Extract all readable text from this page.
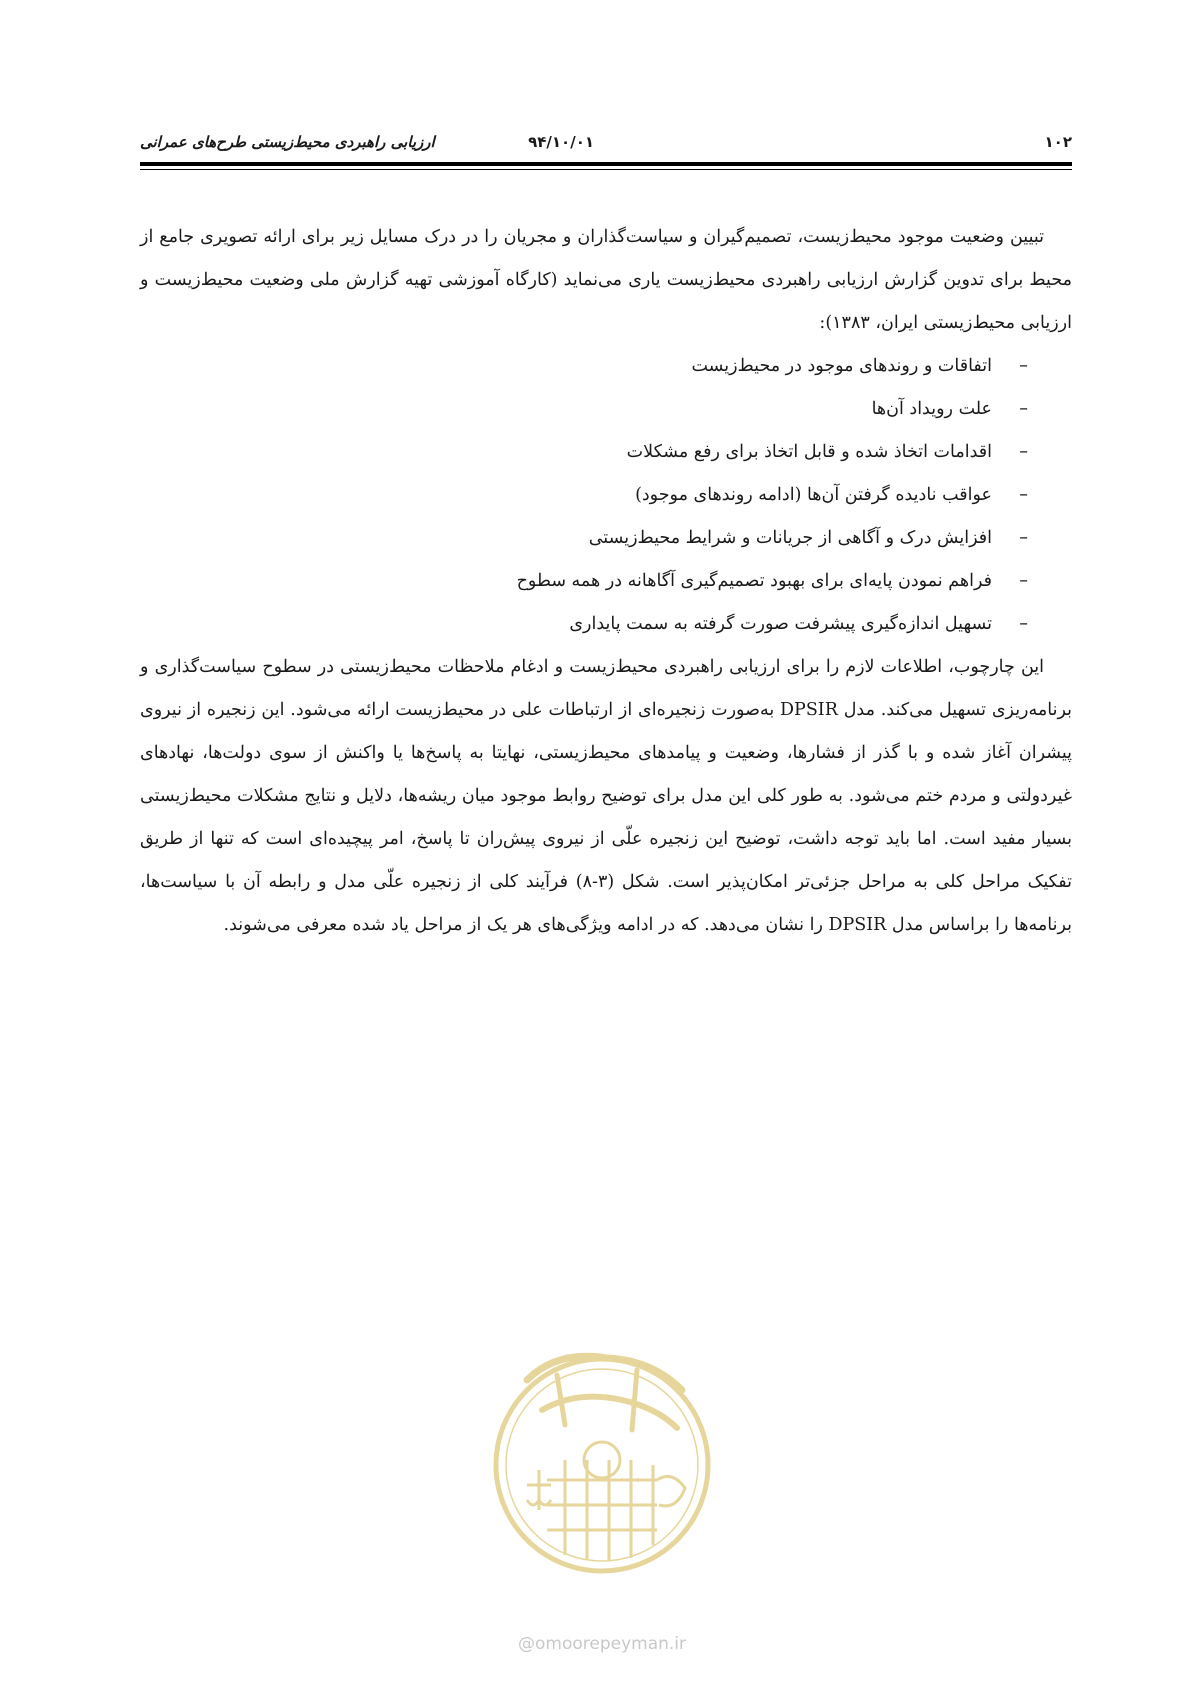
۱۰۲
۹۴/۱۰/۰۱
ارزیابی راهبردی محیط‌زیستی طرح‌های عمرانی

تبیین وضعیت موجود محیط‌زیست، تصمیم‌گیران و سیاست‌گذاران و مجریان را در درک مسایل زیر برای ارائه تصویری جامع از محیط برای تدوین گزارش ارزیابی راهبردی محیط‌زیست یاری می‌نماید (کارگاه آموزشی تهیه گزارش ملی وضعیت محیط‌زیست و ارزیابی محیط‌زیستی ایران، ۱۳۸۳):

–اتفاقات و روندهای موجود در محیط‌زیست
–علت رویداد آن‌ها
–اقدامات اتخاذ شده و قابل اتخاذ برای رفع مشکلات
–عواقب نادیده گرفتن آن‌ها (ادامه روندهای موجود)
–افزایش درک و آگاهی از جریانات و شرایط محیط‌زیستی
–فراهم نمودن پایه‌ای برای بهبود تصمیم‌گیری آگاهانه در همه سطوح
–تسهیل اندازه‌گیری پیشرفت صورت گرفته به سمت پایداری

این چارچوب، اطلاعات لازم را برای ارزیابی راهبردی محیط‌زیست و ادغام ملاحظات محیط‌زیستی در سطوح سیاست‌گذاری و برنامه‌ریزی تسهیل می‌کند. مدل DPSIR به‌صورت زنجیره‌ای از ارتباطات علی در محیط‌زیست ارائه می‌شود. این زنجیره از نیروی پیشران آغاز شده و با گذر از فشارها، وضعیت و پیامدهای محیط‌زیستی، نهایتا به پاسخ‌ها یا واکنش از سوی دولت‌ها، نهادهای غیردولتی و مردم ختم می‌شود. به طور کلی این مدل برای توضیح روابط موجود میان ریشه‌ها، دلایل و نتایج مشکلات محیط‌زیستی بسیار مفید است. اما باید توجه داشت، توضیح این زنجیره علّی از نیروی پیش‌ران تا پاسخ، امر پیچیده‌ای است که تنها از طریق تفکیک مراحل کلی به مراحل جزئی‌تر امکان‌پذیر است. شکل (۳-۸) فرآیند کلی از زنجیره علّی مدل و رابطه آن با سیاست‌ها، برنامه‌ها را براساس مدل DPSIR را نشان می‌دهد. که در ادامه ویژگی‌های هر یک از مراحل یاد شده معرفی می‌شوند.

@omoorepeyman.ir
